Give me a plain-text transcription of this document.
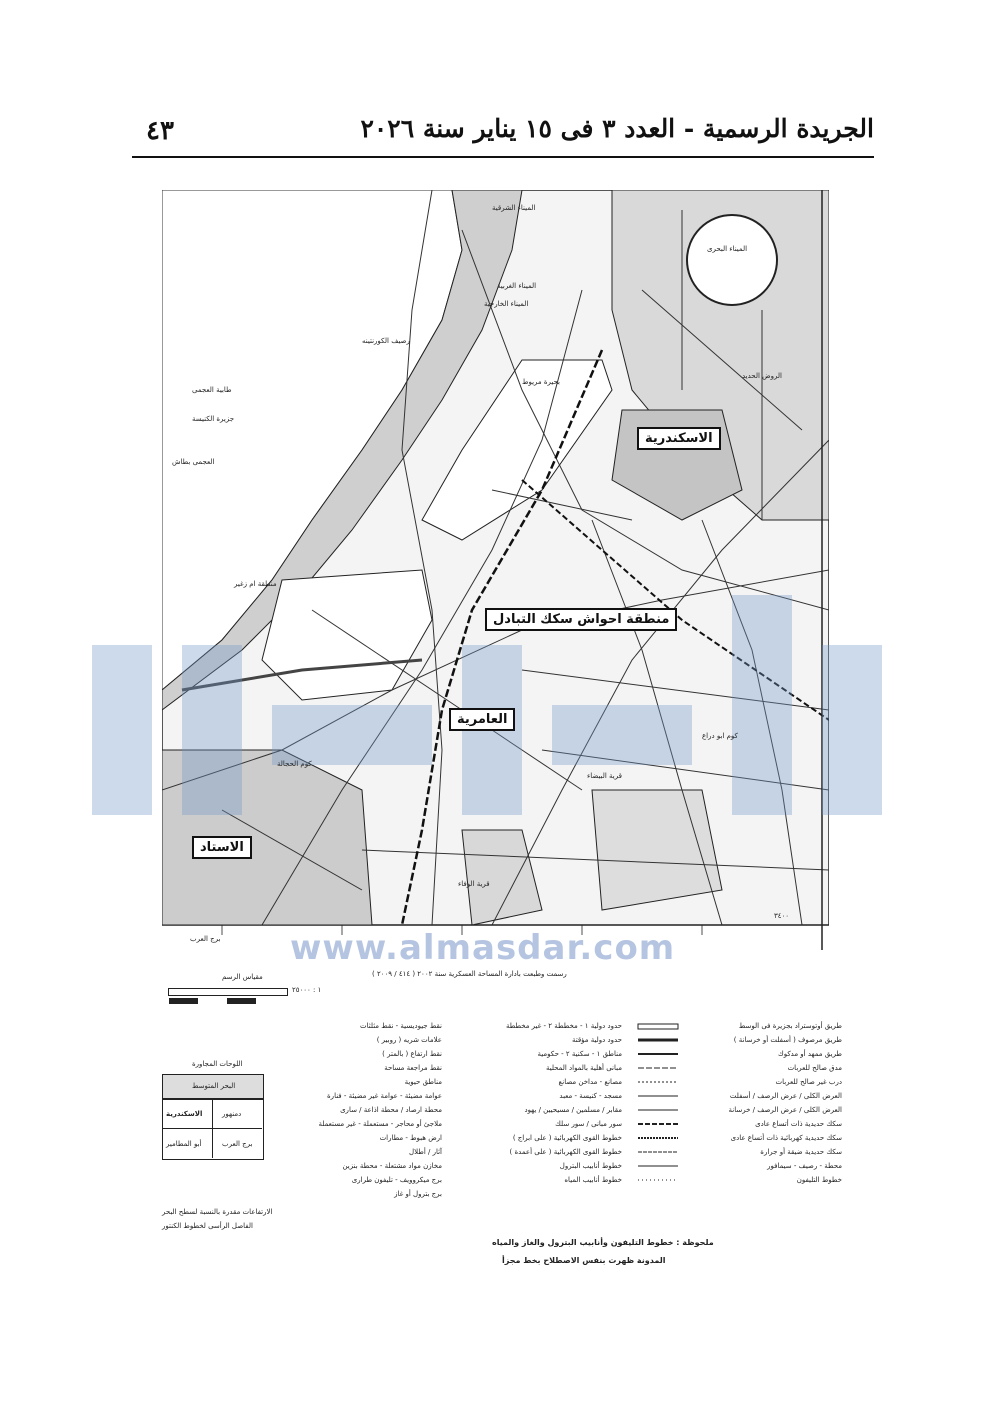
٤٣	الجريدة الرسمية - العدد ٣ فى ١٥ يناير سنة ٢٠٢٦
الاسكندرية
منطقة احواش سكك التبادل
العامرية
الاستاد
الميناء الشرقية
الميناء الغربية
الميناء الخارجية
الميناء البحرى
بحيرة مريوط
جزيرة الكنيسة
العجمى بطاش
منطقة ام زغير
الروض الحديد
كوم ابو دراع
قرية البيضاء
قرية الوفاء
كوم الحجالة
طابية العجمى
رصيف الكورنتينه
برج العرب
٣٤٠٠
www.almasdar.com
رسمت وطبعت بادارة المساحة العسكرية سنة ٢٠٠٢ ( ٤١٤ / ٢٠٠٩ )
مقياس الرسم
١ : ٢٥٠٠٠
طريق أوتوستراد بجزيرة فى الوسط
طريق مرصوف ( أسفلت أو خرسانة )
طريق ممهد أو مدكوك
مدق صالح للعربات
درب غير صالح للعربات
العرض الكلى / عرض الرصف / أسفلت
العرض الكلى / عرض الرصف / خرسانة
سكك حديدية ذات أتساع عادى
سكك حديدية كهربائية ذات أتساع عادى
سكك حديدية ضيقة أو جرارة
محطة - رصيف - سيمافور
خطوط التليفون
حدود دولية ١ - مخططة ٢ - غير مخططة
حدود دولية مؤقتة
مناطق ١ - سكنية ٢ - حكومية
مبانى أهلية بالمواد المحلية
مصانع - مداخن مصانع
مسجد - كنيسة - معبد
مقابر / مسلمين / مسيحيين / يهود
سور مبانى / سور سلك
خطوط القوى الكهربائية ( على ابراج )
خطوط القوى الكهربائية ( على أعمدة )
خطوط أنابيب البترول
خطوط أنابيب المياه
نقط جيوديسية - نقط مثلثات
علامات شريه ( روبير )
نقط ارتفاع ( بالمتر )
نقط مراجعة مساحة
مناطق حيوية
عوامة مضيئة - عوامة غير مضيئة - فنارة
محطة ارصاد / محطة اذاعة / سارى
ملاجئ أو محاجر - مستعملة - غير مستعملة
ارض هبوط - مطارات
آثار / أطلال
مخازن مواد مشتعلة - محطة بنزين
برج ميكروويف - تليفون طرارى
برج بترول أو غاز
اللوحات المجاورة
البحر المتوسط
دمنهور
الاسكندرية
برج العرب
أبو المطامير
الارتفاعات مقدرة بالنسبة لسطح البحر
الفاصل الرأسى لخطوط الكنتور
ملحوظة : خطوط التليفون وأنابيب البترول والغاز والمياه
المدونة ظهرت بنفس الاصطلاح بخط مجزأ
